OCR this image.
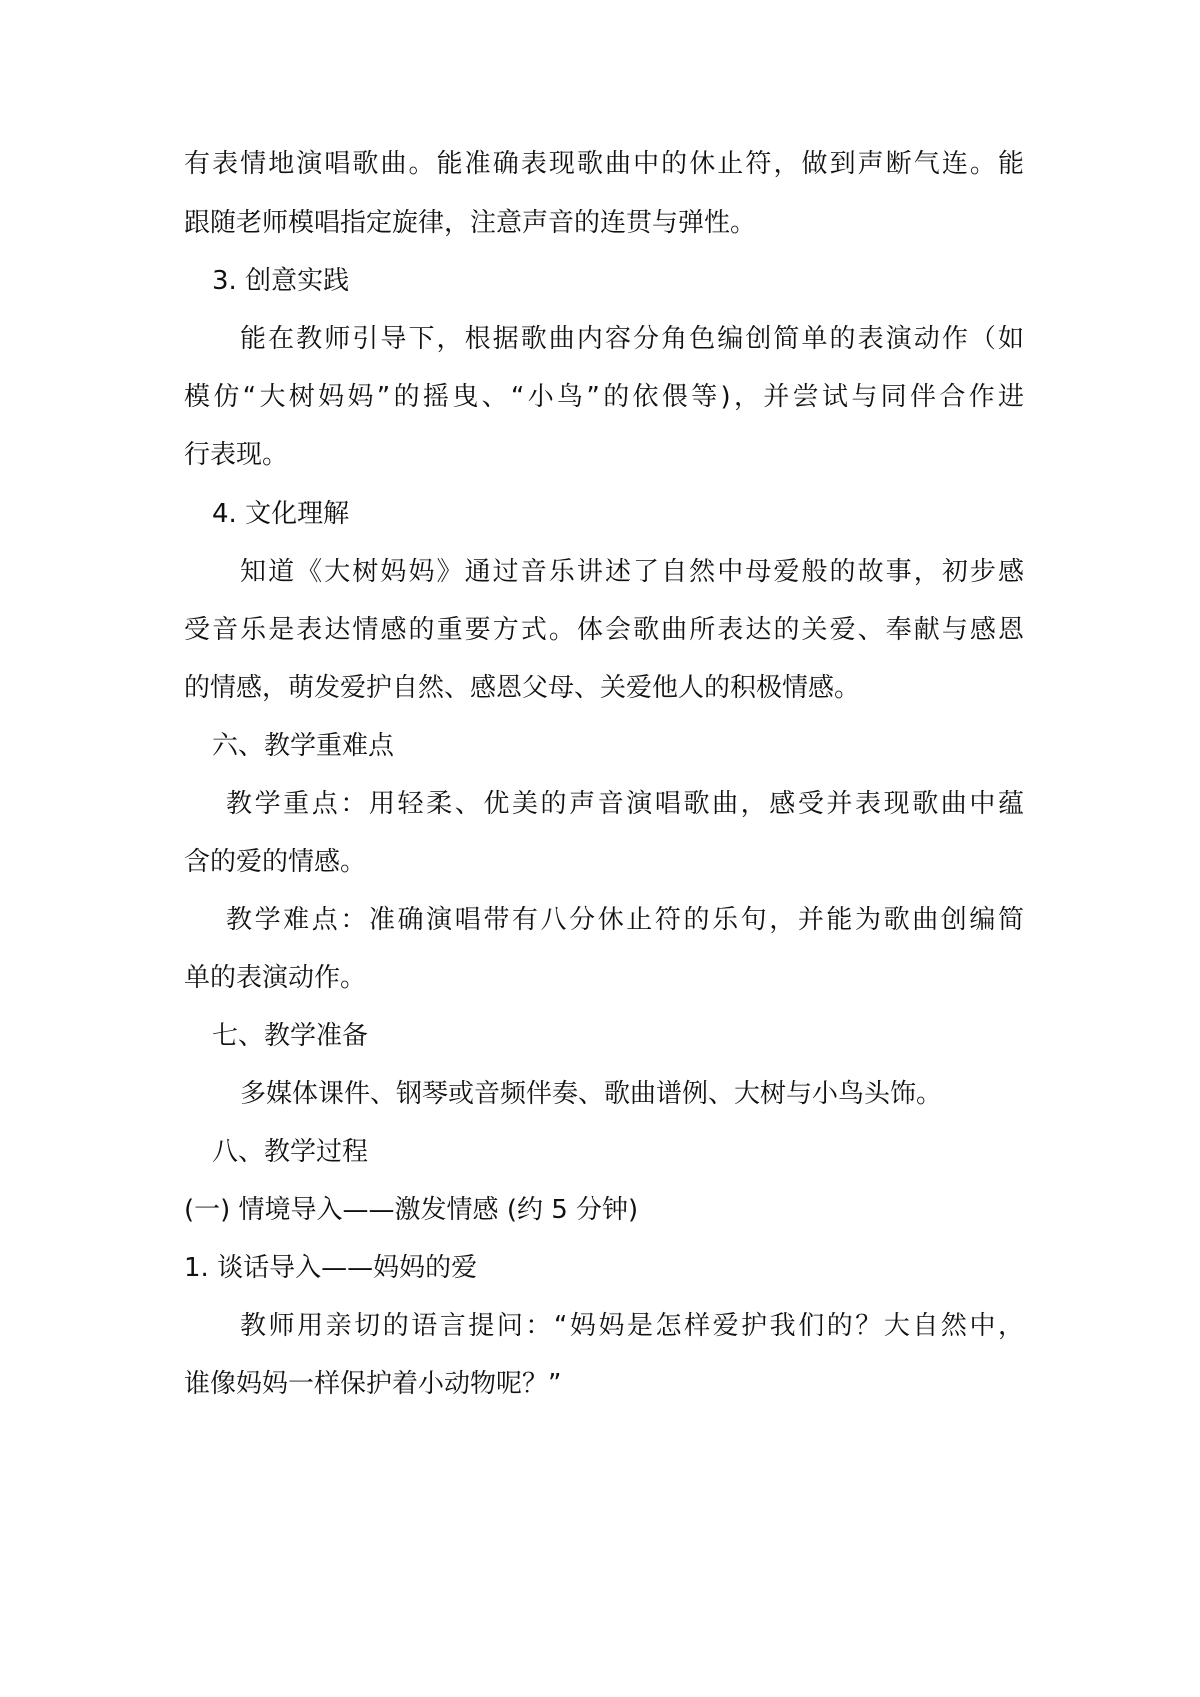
有表情地演唱歌曲。能准确表现歌曲中的休止符，做到声断气连。能
跟随老师模唱指定旋律，注意声音的连贯与弹性。
3. 创意实践
能在教师引导下，根据歌曲内容分角色编创简单的表演动作（如
模仿“大树妈妈”的摇曳、“小鸟”的依偎等)，并尝试与同伴合作进
行表现。
4. 文化理解
知道《大树妈妈》通过音乐讲述了自然中母爱般的故事，初步感
受音乐是表达情感的重要方式。体会歌曲所表达的关爱、奉献与感恩
的情感，萌发爱护自然、感恩父母、关爱他人的积极情感。
六、教学重难点
教学重点：用轻柔、优美的声音演唱歌曲，感受并表现歌曲中蕴
含的爱的情感。
教学难点：准确演唱带有八分休止符的乐句，并能为歌曲创编简
单的表演动作。
七、教学准备
多媒体课件、钢琴或音频伴奏、歌曲谱例、大树与小鸟头饰。
八、教学过程
(一) 情境导入——激发情感 (约 5 分钟)
1. 谈话导入——妈妈的爱
教师用亲切的语言提问：“妈妈是怎样爱护我们的？大自然中，
谁像妈妈一样保护着小动物呢？”
